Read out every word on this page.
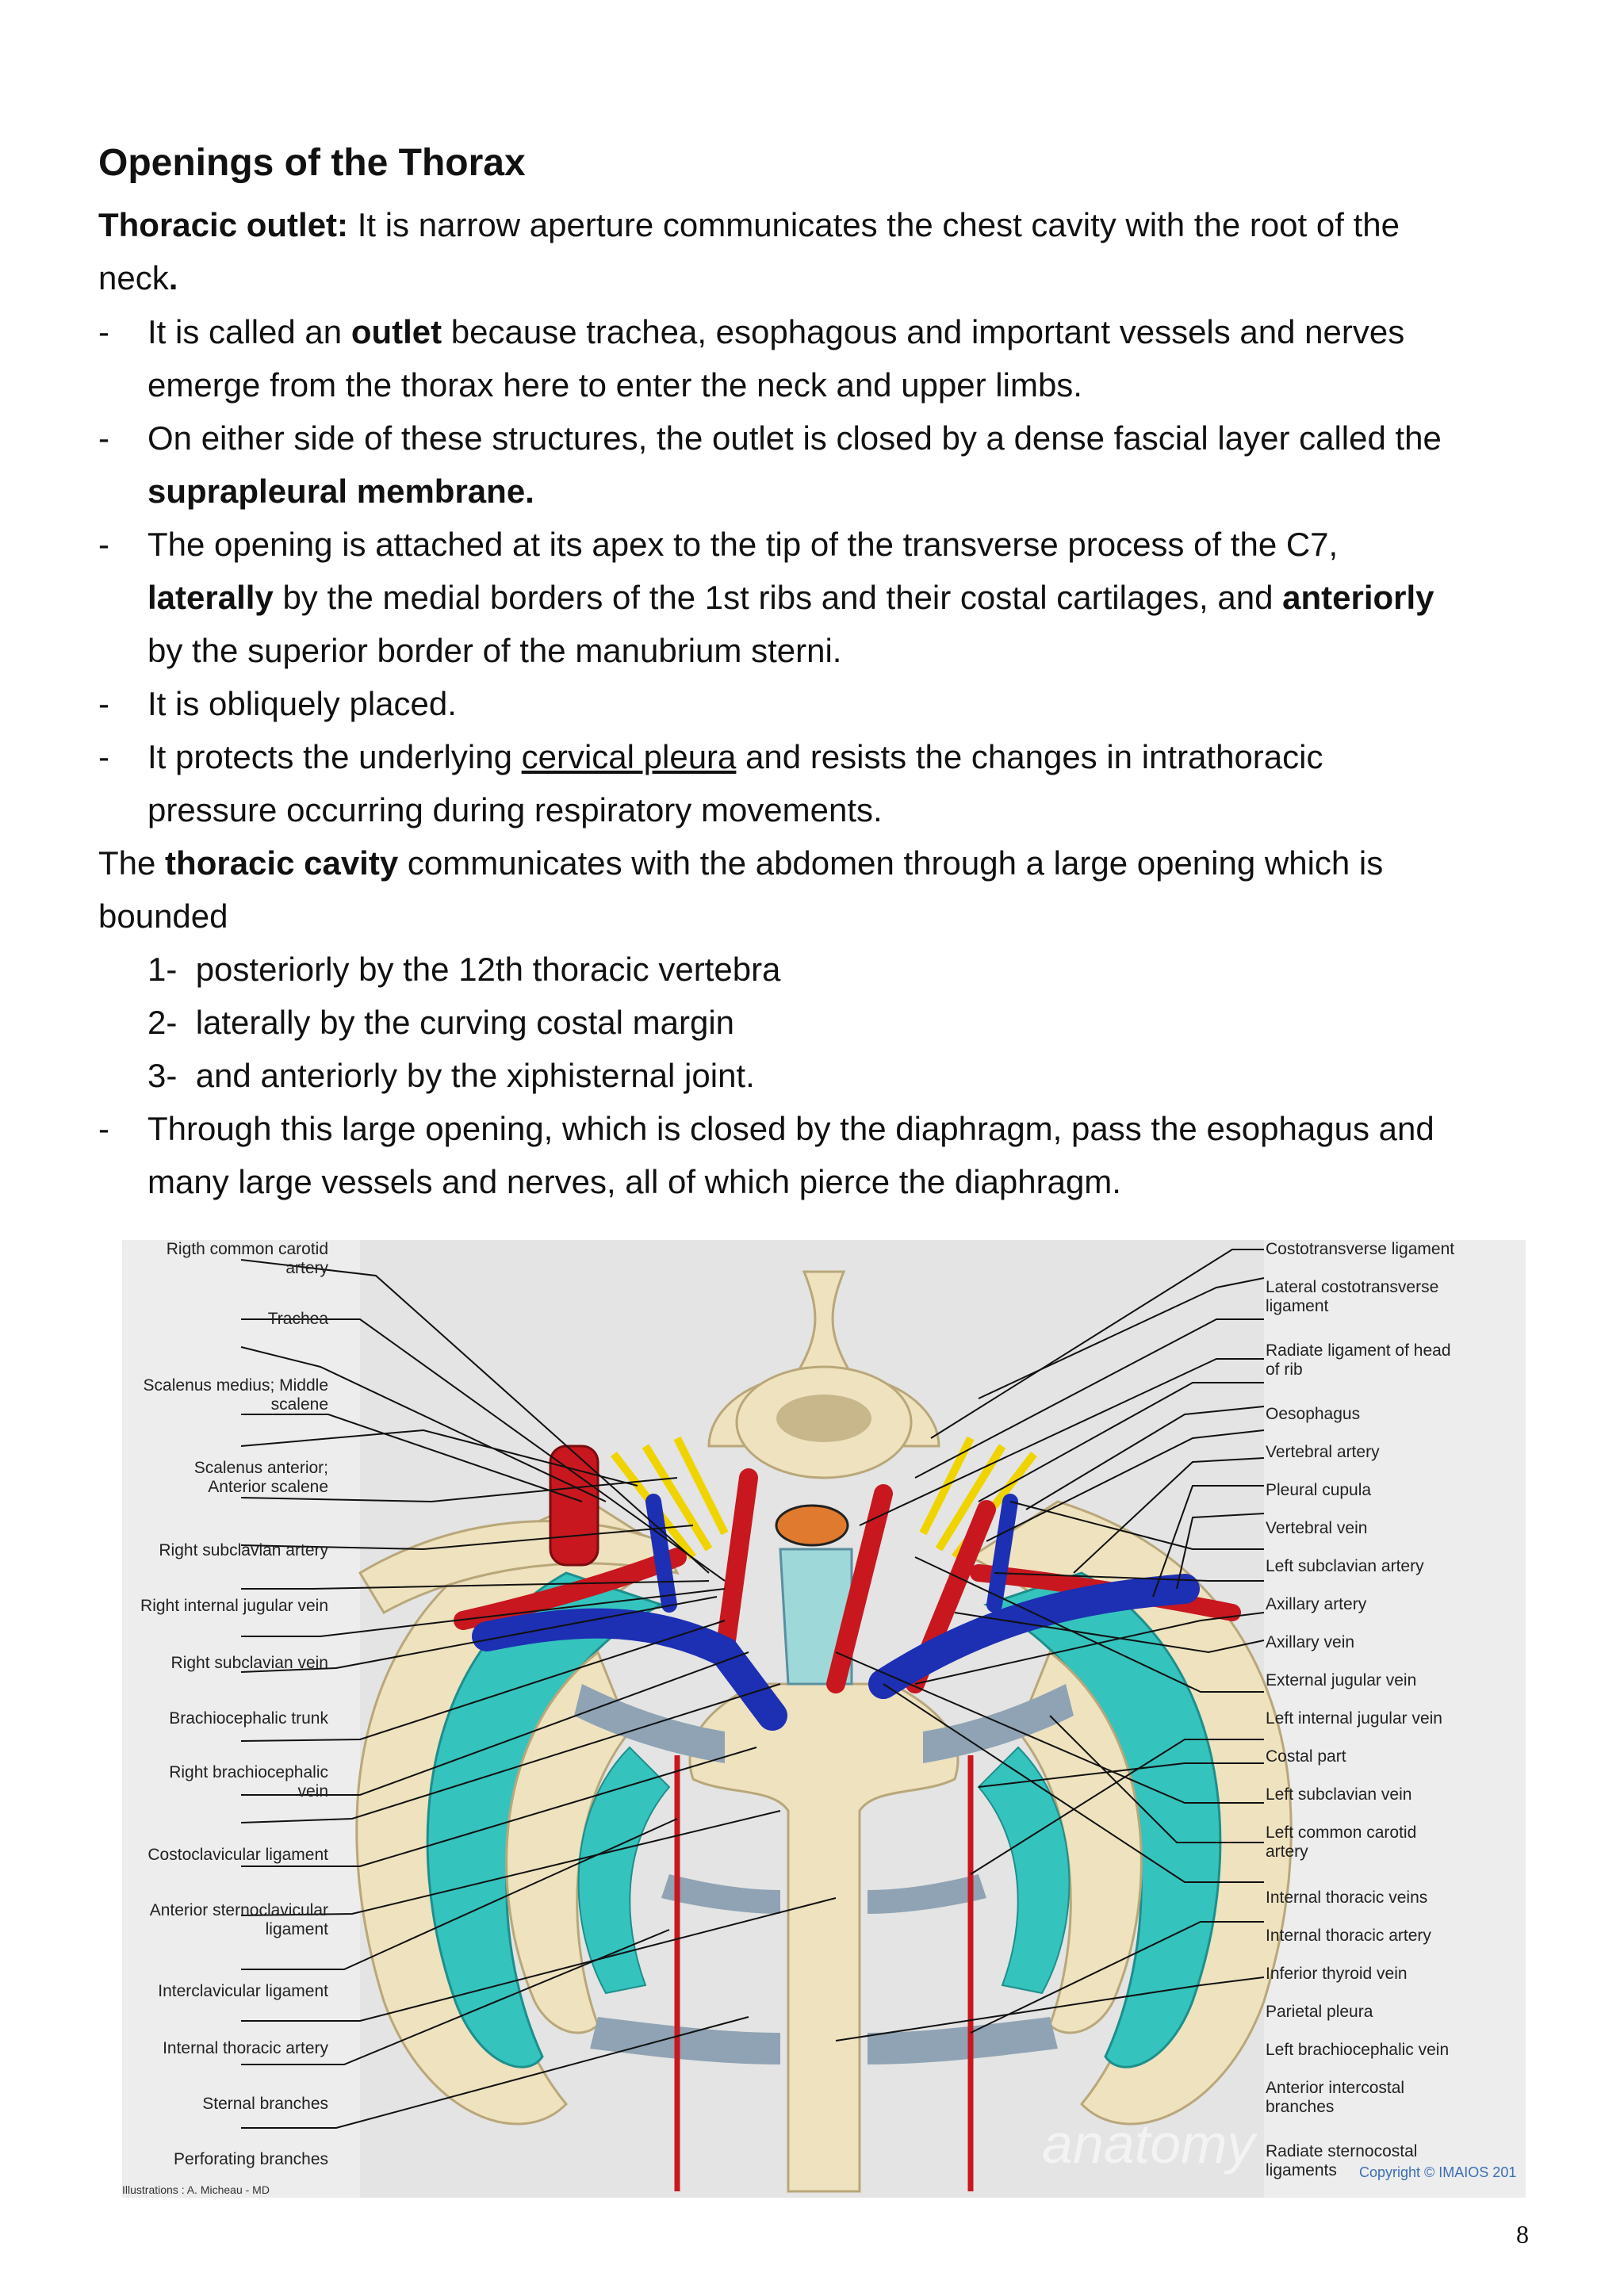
Openings of the Thorax
Thoracic outlet: It is narrow aperture communicates the chest cavity with the root of the
neck.
-	It is called an outlet because trachea, esophagous and important vessels and nerves
emerge from the thorax here to enter the neck and upper limbs.
-	On either side of these structures, the outlet is closed by a dense fascial layer called the
suprapleural membrane.
-	The opening is attached at its apex to the tip of the transverse process of the C7,
laterally by the medial borders of the 1st ribs and their costal cartilages, and anteriorly
by the superior border of the manubrium sterni.
-	It is obliquely placed.
-	It protects the underlying cervical pleura and resists the changes in intrathoracic
pressure occurring during respiratory movements.
The thoracic cavity communicates with the abdomen through a large opening which is
bounded
1- posteriorly by the 12th thoracic vertebra
2- laterally by the curving costal margin
3- and anteriorly by the xiphisternal joint.
-	Through this large opening, which is closed by the diaphragm, pass the esophagus and
many large vessels and nerves, all of which pierce the diaphragm.
Rigth common carotid
artery
Trachea
Scalenus medius; Middle
scalene
Scalenus anterior;
Anterior scalene
Right subclavian artery
Right internal jugular vein
Right subclavian vein
Brachiocephalic trunk
Right brachiocephalic
vein
Costoclavicular ligament
Anterior sternoclavicular
ligament
Interclavicular ligament
Internal thoracic artery
Sternal branches
Perforating branches
Costotransverse ligament
Lateral costotransverse
ligament
Radiate ligament of head
of rib
Oesophagus
Vertebral artery
Pleural cupula
Vertebral vein
Left subclavian artery
Axillary artery
Axillary vein
External jugular vein
Left internal jugular vein
Costal part
Left subclavian vein
Left common carotid
artery
Internal thoracic veins
Internal thoracic artery
Inferior thyroid vein
Parietal pleura
Left brachiocephalic vein
Anterior intercostal
branches
Radiate sternocostal
ligaments
Illustrations : A. Micheau - MD
Copyright © IMAIOS 201
anatomy
8
